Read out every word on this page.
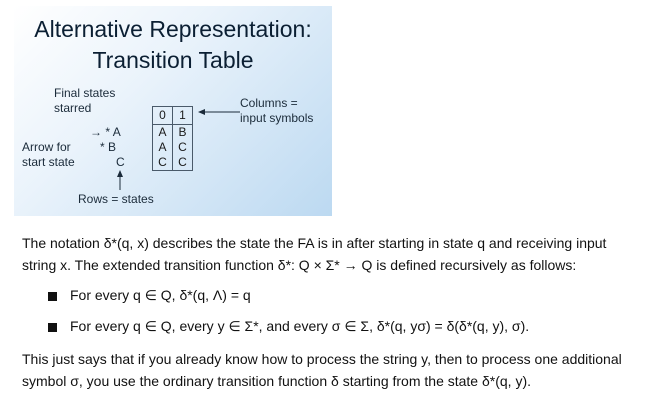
Alternative Representation:
Transition Table
Final states
starred	Columns =
input symbols
Arrow for
start state
→ * A
* B
C
Rows = states
0	1
A	B
A	C
C	C
The notation δ*(q, x) describes the state the FA is in after starting in state q and receiving input
string x. The extended transition function δ*: Q × Σ* → Q is defined recursively as follows:
For every q ∈ Q, δ*(q, Λ) = q
For every q ∈ Q, every y ∈ Σ*, and every σ ∈ Σ, δ*(q, yσ) = δ(δ*(q, y), σ).
This just says that if you already know how to process the string y, then to process one additional
symbol σ, you use the ordinary transition function δ starting from the state δ*(q, y).
